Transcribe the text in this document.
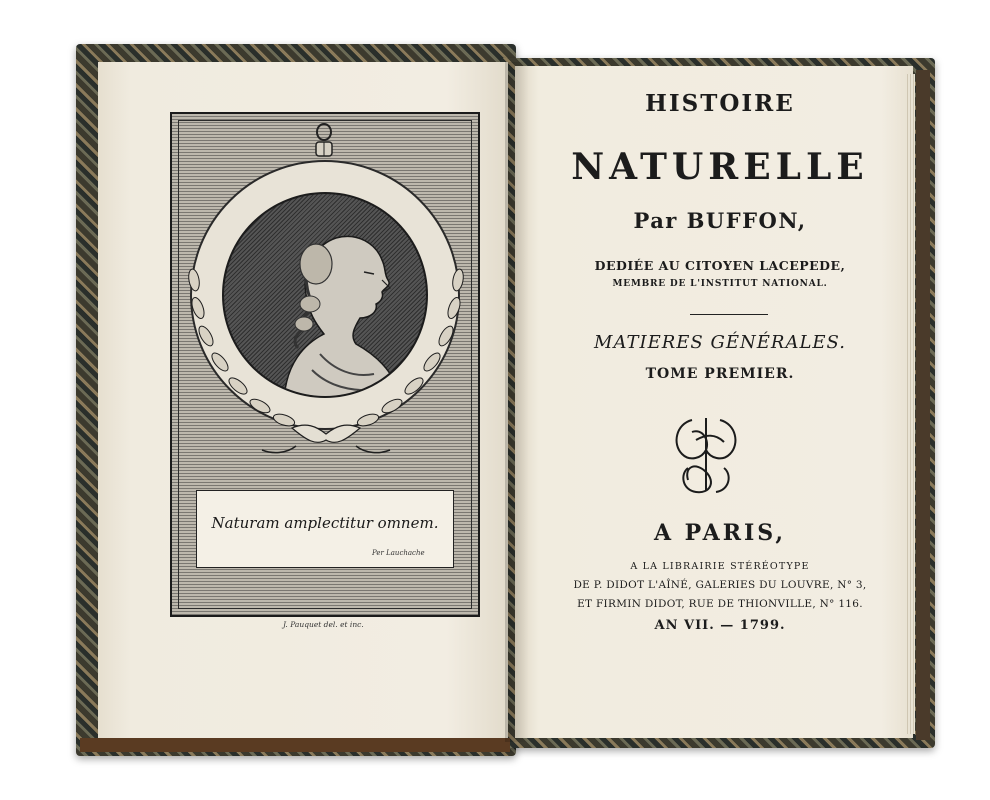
Naturam amplectitur omnem.
Per Lauchache
J. Pauquet del. et inc.
HISTOIRE
NATURELLE
Par BUFFON,
DEDIÉE AU CITOYEN LACEPEDE,
MEMBRE DE L'INSTITUT NATIONAL.
MATIERES GÉNÉRALES.
TOME PREMIER.
A PARIS,
A LA LIBRAIRIE STÉRÉOTYPE
DE P. DIDOT L'AÎNÉ, GALERIES DU LOUVRE, N° 3,
ET FIRMIN DIDOT, RUE DE THIONVILLE, N° 116.
AN VII. — 1799.
